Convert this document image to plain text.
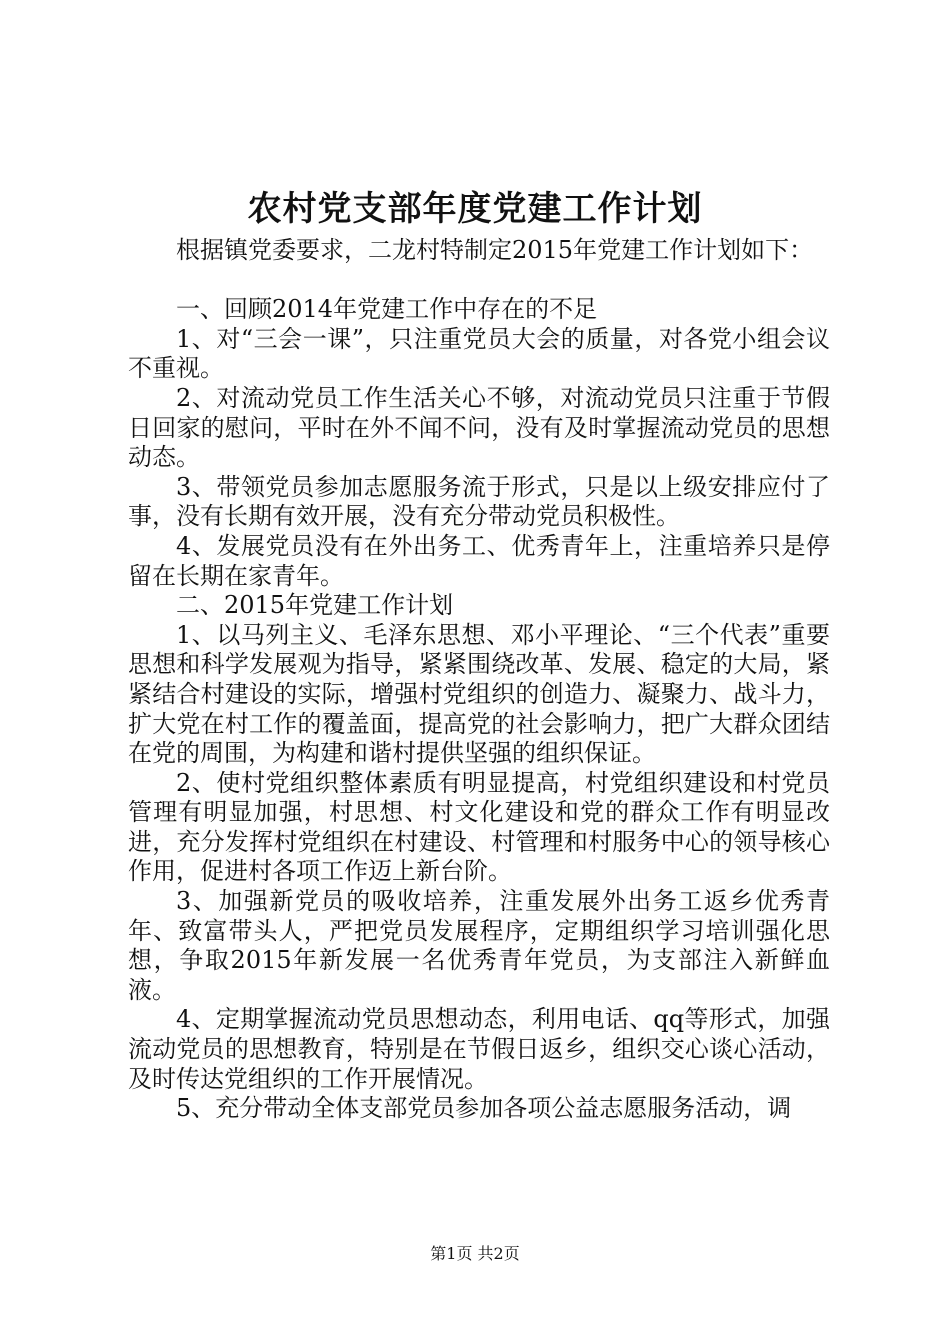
农村党支部年度党建工作计划

根据镇党委要求，二龙村特制定2015年党建工作计划如下：

一、回顾2014年党建工作中存在的不足

1、对“三会一课”，只注重党员大会的质量，对各党小组会议不重视。

2、对流动党员工作生活关心不够，对流动党员只注重于节假日回家的慰问，平时在外不闻不问，没有及时掌握流动党员的思想动态。

3、带领党员参加志愿服务流于形式，只是以上级安排应付了事，没有长期有效开展，没有充分带动党员积极性。

4、发展党员没有在外出务工、优秀青年上，注重培养只是停留在长期在家青年。

二、2015年党建工作计划

1、以马列主义、毛泽东思想、邓小平理论、“三个代表”重要思想和科学发展观为指导，紧紧围绕改革、发展、稳定的大局，紧紧结合村建设的实际，增强村党组织的创造力、凝聚力、战斗力，扩大党在村工作的覆盖面，提高党的社会影响力，把广大群众团结在党的周围，为构建和谐村提供坚强的组织保证。

2、使村党组织整体素质有明显提高，村党组织建设和村党员管理有明显加强，村思想、村文化建设和党的群众工作有明显改进，充分发挥村党组织在村建设、村管理和村服务中心的领导核心作用，促进村各项工作迈上新台阶。

3、加强新党员的吸收培养，注重发展外出务工返乡优秀青年、致富带头人，严把党员发展程序，定期组织学习培训强化思想，争取2015年新发展一名优秀青年党员，为支部注入新鲜血液。

4、定期掌握流动党员思想动态，利用电话、qq等形式，加强流动党员的思想教育，特别是在节假日返乡，组织交心谈心活动，及时传达党组织的工作开展情况。

5、充分带动全体支部党员参加各项公益志愿服务活动，调

第1页 共2页
